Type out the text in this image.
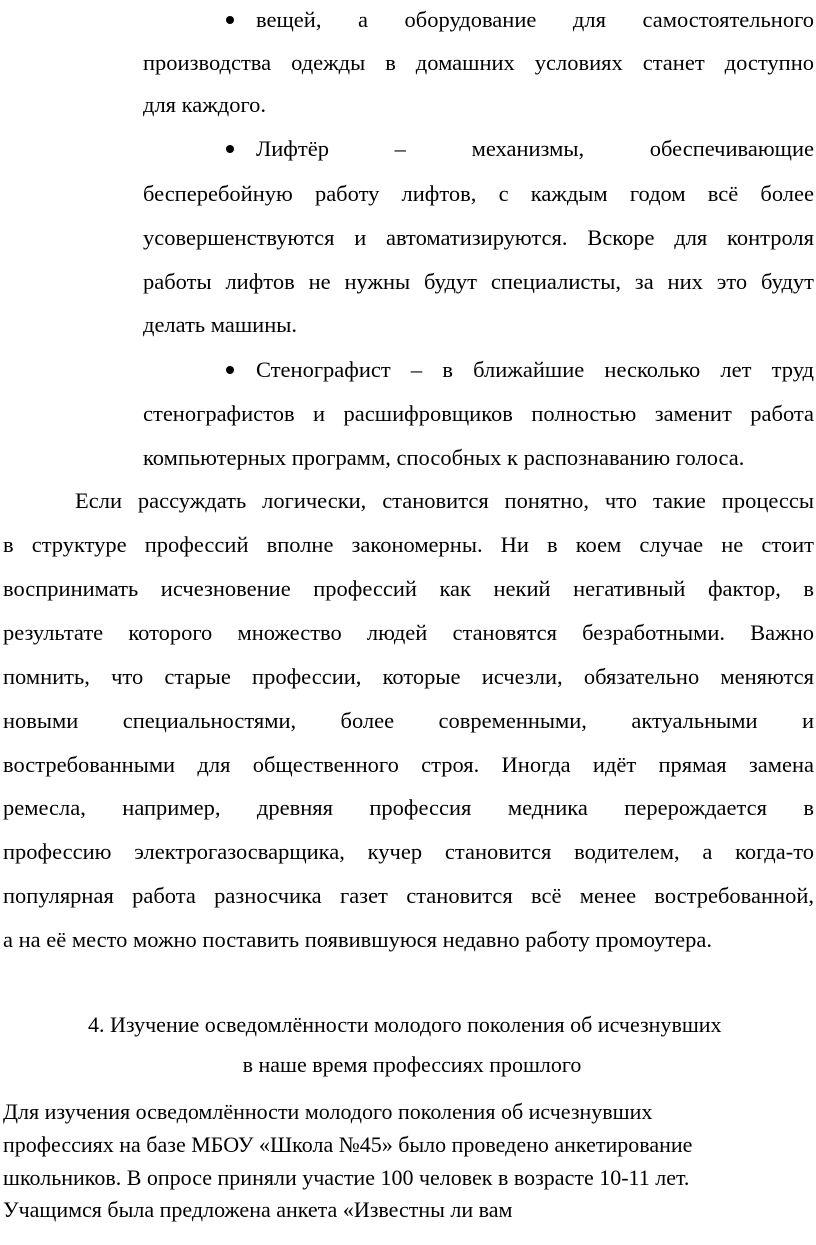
вещей, а оборудование для самостоятельного
производства одежды в домашних условиях станет доступно
для каждого.
Лифтёр – механизмы, обеспечивающие
бесперебойную работу лифтов, с каждым годом всё более
усовершенствуются и автоматизируются. Вскоре для контроля
работы лифтов не нужны будут специалисты, за них это будут
делать машины.
Стенографист – в ближайшие несколько лет труд
стенографистов и расшифровщиков полностью заменит работа
компьютерных программ, способных к распознаванию голоса.
Если рассуждать логически, становится понятно, что такие процессы
в структуре профессий вполне закономерны. Ни в коем случае не стоит
воспринимать исчезновение профессий как некий негативный фактор, в
результате которого множество людей становятся безработными. Важно
помнить, что старые профессии, которые исчезли, обязательно меняются
новыми специальностями, более современными, актуальными и
востребованными для общественного строя. Иногда идёт прямая замена
ремесла, например, древняя профессия медника перерождается в
профессию электрогазосварщика, кучер становится водителем, а когда-то
популярная работа разносчика газет становится всё менее востребованной,
а на её место можно поставить появившуюся недавно работу промоутера.
4. Изучение осведомлённости молодого поколения об исчезнувших
в наше время профессиях прошлого
Для изучения осведомлённости молодого поколения об исчезнувших
профессиях на базе МБОУ «Школа №45» было проведено анкетирование
школьников. В опросе приняли участие 100 человек в возрасте 10-11 лет.
Учащимся была предложена анкета «Известны ли вам
